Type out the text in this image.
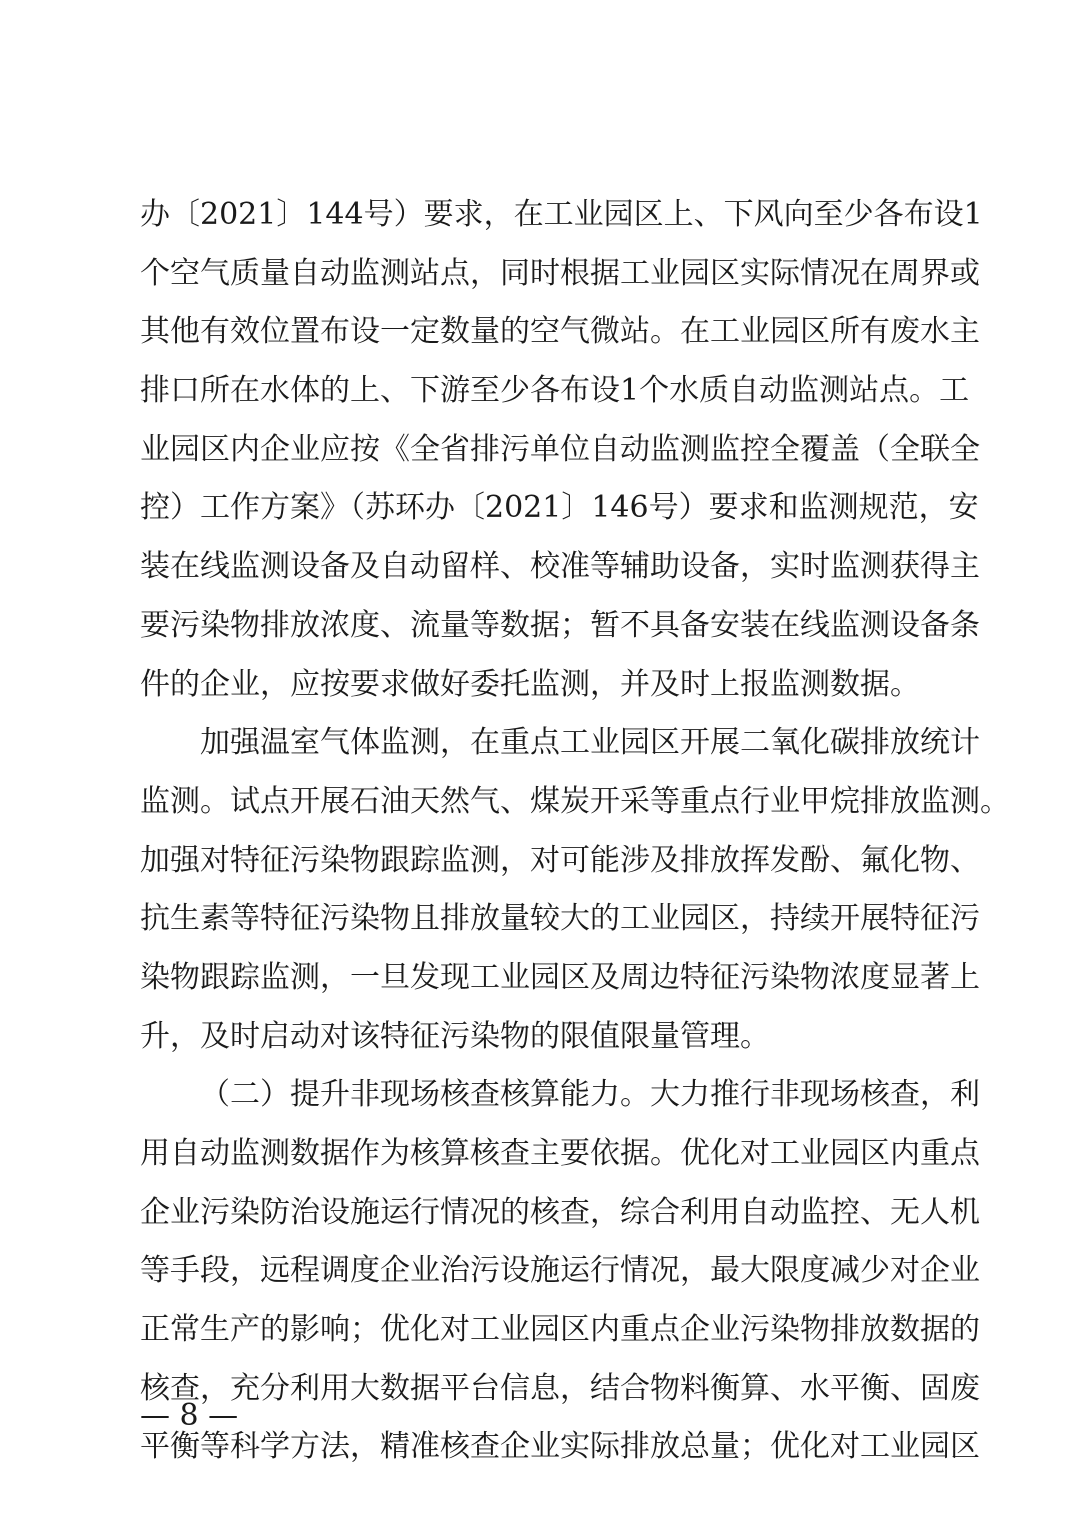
办〔2021〕144号）要求，在工业园区上、下风向至少各布设1
个空气质量自动监测站点，同时根据工业园区实际情况在周界或
其他有效位置布设一定数量的空气微站。在工业园区所有废水主
排口所在水体的上、下游至少各布设1个水质自动监测站点。工
业园区内企业应按《全省排污单位自动监测监控全覆盖（全联全
控）工作方案》（苏环办〔2021〕146号）要求和监测规范，安
装在线监测设备及自动留样、校准等辅助设备，实时监测获得主
要污染物排放浓度、流量等数据；暂不具备安装在线监测设备条
件的企业，应按要求做好委托监测，并及时上报监测数据。
加强温室气体监测，在重点工业园区开展二氧化碳排放统计
监测。试点开展石油天然气、煤炭开采等重点行业甲烷排放监测。
加强对特征污染物跟踪监测，对可能涉及排放挥发酚、氟化物、
抗生素等特征污染物且排放量较大的工业园区，持续开展特征污
染物跟踪监测，一旦发现工业园区及周边特征污染物浓度显著上
升，及时启动对该特征污染物的限值限量管理。
（二）提升非现场核查核算能力。大力推行非现场核查，利
用自动监测数据作为核算核查主要依据。优化对工业园区内重点
企业污染防治设施运行情况的核查，综合利用自动监控、无人机
等手段，远程调度企业治污设施运行情况，最大限度减少对企业
正常生产的影响；优化对工业园区内重点企业污染物排放数据的
核查，充分利用大数据平台信息，结合物料衡算、水平衡、固废
平衡等科学方法，精准核查企业实际排放总量；优化对工业园区
— 8 —
